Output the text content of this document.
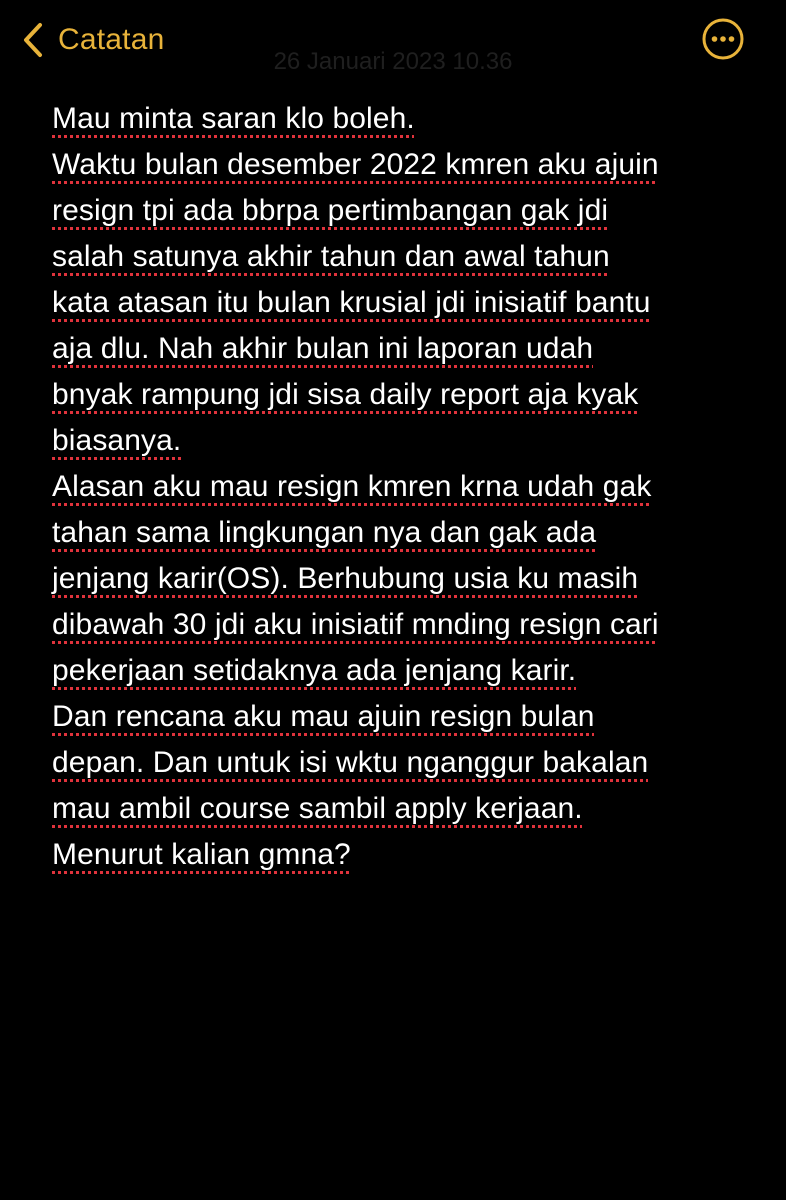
Catatan
26 Januari 2023 10.36
Mau minta saran klo boleh.
Waktu bulan desember 2022 kmren aku ajuin
resign tpi ada bbrpa pertimbangan gak jdi
salah satunya akhir tahun dan awal tahun
kata atasan itu bulan krusial jdi inisiatif bantu
aja dlu. Nah akhir bulan ini laporan udah
bnyak rampung jdi sisa daily report aja kyak
biasanya.
Alasan aku mau resign kmren krna udah gak
tahan sama lingkungan nya dan gak ada
jenjang karir(OS). Berhubung usia ku masih
dibawah 30 jdi aku inisiatif mnding resign cari
pekerjaan setidaknya ada jenjang karir.
Dan rencana aku mau ajuin resign bulan
depan. Dan untuk isi wktu nganggur bakalan
mau ambil course sambil apply kerjaan.
Menurut kalian gmna?
